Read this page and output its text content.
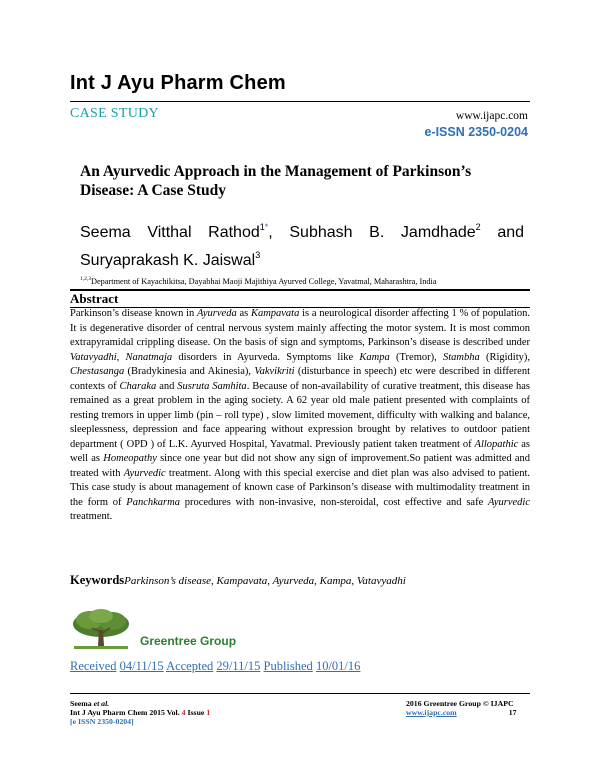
Int J Ayu Pharm Chem
CASE STUDY	www.ijapc.com
e-ISSN 2350-0204
An Ayurvedic Approach in the Management of Parkinson’s Disease: A Case Study
Seema Vitthal Rathod$^{1*}$, Subhash B. Jamdhade$^2$ and
Suryaprakash K. Jaiswal$^3$
$^{1,2,3}$Department of Kayachikitsa, Dayabhai Maoji Majithiya Ayurved College, Yavatmal, Maharashtra, India
Abstract

Parkinson’s disease known in Ayurveda as Kampavata is a neurological disorder affecting 1 % of population. It is degenerative disorder of central nervous system mainly affecting the motor system. It is most common extrapyramidal crippling disease. On the basis of sign and symptoms, Parkinson’s disease is described under Vatavyadhi, Nanatmaja disorders in Ayurveda. Symptoms like Kampa (Tremor), Stambha (Rigidity), Chestasanga (Bradykinesia and Akinesia), Vakvikriti (disturbance in speech) etc were described in different contexts of Charaka and Susruta Samhita. Because of non-availability of curative treatment, this disease has remained as a great problem in the aging society. A 62 year old male patient presented with complaints of resting tremors in upper limb (pin – roll type) , slow limited movement, difficulty with walking and balance, sleeplessness, depression and face appearing without expression brought by relatives to outdoor patient department ( OPD ) of L.K. Ayurved Hospital, Yavatmal. Previously patient taken treatment of Allopathic as well as Homeopathy since one year but did not show any sign of improvement.So patient was admitted and treated with Ayurvedic treatment. Along with this special exercise and diet plan was also advised to patient. This case study is about management of known case of Parkinson’s disease with multimodality treatment in the form of Panchkarma procedures with non-invasive, non-steroidal, cost effective and safe Ayurvedic treatment.

KeywordsParkinson’s disease, Kampavata, Ayurveda, Kampa, Vatavyadhi
Greentree Group
Received 04/11/15 Accepted 29/11/15 Published 10/01/16
Seema et al.
Int J Ayu Pharm Chem 2015 Vol. 4 Issue 1
[e ISSN 2350-0204]
2016 Greentree Group © IJAPC
www.ijapc.com	17
